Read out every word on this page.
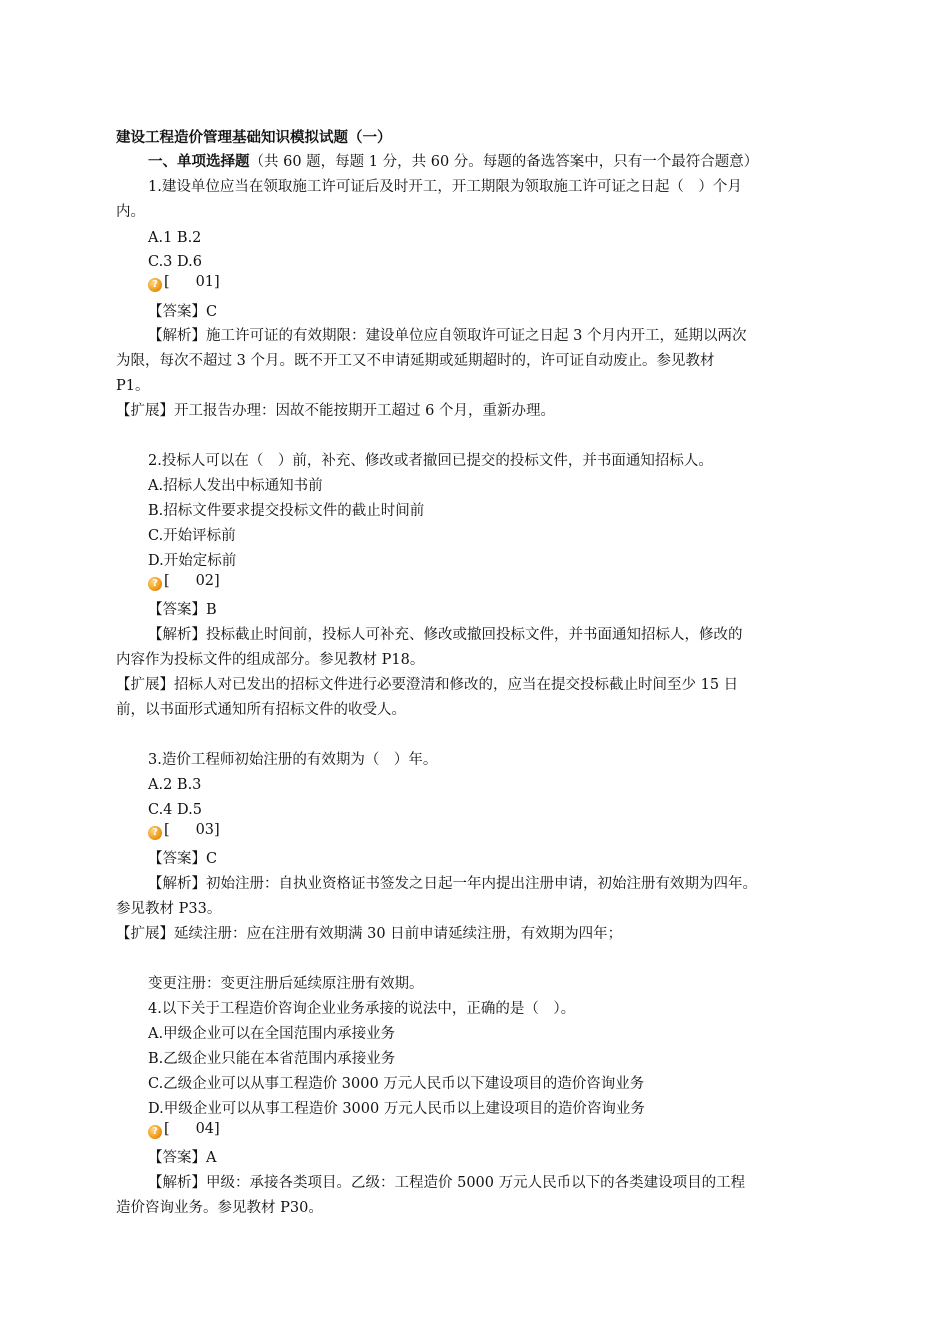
建设工程造价管理基础知识模拟试题（一）
一、单项选择题（共 60 题，每题 1 分，共 60 分。每题的备选答案中，只有一个最符合题意）
1.建设单位应当在领取施工许可证后及时开工，开工期限为领取施工许可证之日起（　）个月
内。
A.1 B.2
C.3 D.6
? [ 01]
【答案】C
【解析】施工许可证的有效期限：建设单位应自领取许可证之日起 3 个月内开工，延期以两次
为限，每次不超过 3 个月。既不开工又不申请延期或延期超时的，许可证自动废止。参见教材
P1。
【扩展】开工报告办理：因故不能按期开工超过 6 个月，重新办理。
2.投标人可以在（　）前，补充、修改或者撤回已提交的投标文件，并书面通知招标人。
A.招标人发出中标通知书前
B.招标文件要求提交投标文件的截止时间前
C.开始评标前
D.开始定标前
? [ 02]
【答案】B
【解析】投标截止时间前，投标人可补充、修改或撤回投标文件，并书面通知招标人，修改的
内容作为投标文件的组成部分。参见教材 P18。
【扩展】招标人对已发出的招标文件进行必要澄清和修改的，应当在提交投标截止时间至少 15 日
前，以书面形式通知所有招标文件的收受人。
3.造价工程师初始注册的有效期为（　）年。
A.2 B.3
C.4 D.5
? [ 03]
【答案】C
【解析】初始注册：自执业资格证书签发之日起一年内提出注册申请，初始注册有效期为四年。
参见教材 P33。
【扩展】延续注册：应在注册有效期满 30 日前申请延续注册，有效期为四年；
变更注册：变更注册后延续原注册有效期。
4.以下关于工程造价咨询企业业务承接的说法中，正确的是（　）。
A.甲级企业可以在全国范围内承接业务
B.乙级企业只能在本省范围内承接业务
C.乙级企业可以从事工程造价 3000 万元人民币以下建设项目的造价咨询业务
D.甲级企业可以从事工程造价 3000 万元人民币以上建设项目的造价咨询业务
? [ 04]
【答案】A
【解析】甲级：承接各类项目。乙级：工程造价 5000 万元人民币以下的各类建设项目的工程
造价咨询业务。参见教材 P30。
